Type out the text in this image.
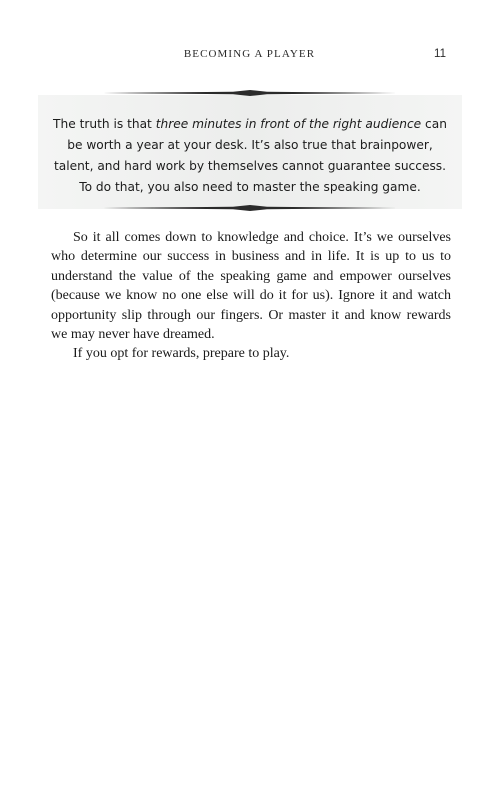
BECOMING A PLAYER	11

The truth is that three minutes in front of the right audience can be worth a year at your desk. It’s also true that brainpower, talent, and hard work by themselves cannot guarantee success. To do that, you also need to master the speaking game.

So it all comes down to knowledge and choice. It’s we ourselves who determine our success in business and in life. It is up to us to understand the value of the speaking game and empower ourselves (because we know no one else will do it for us). Ignore it and watch opportunity slip through our fingers. Or master it and know rewards we may never have dreamed.

If you opt for rewards, prepare to play.
